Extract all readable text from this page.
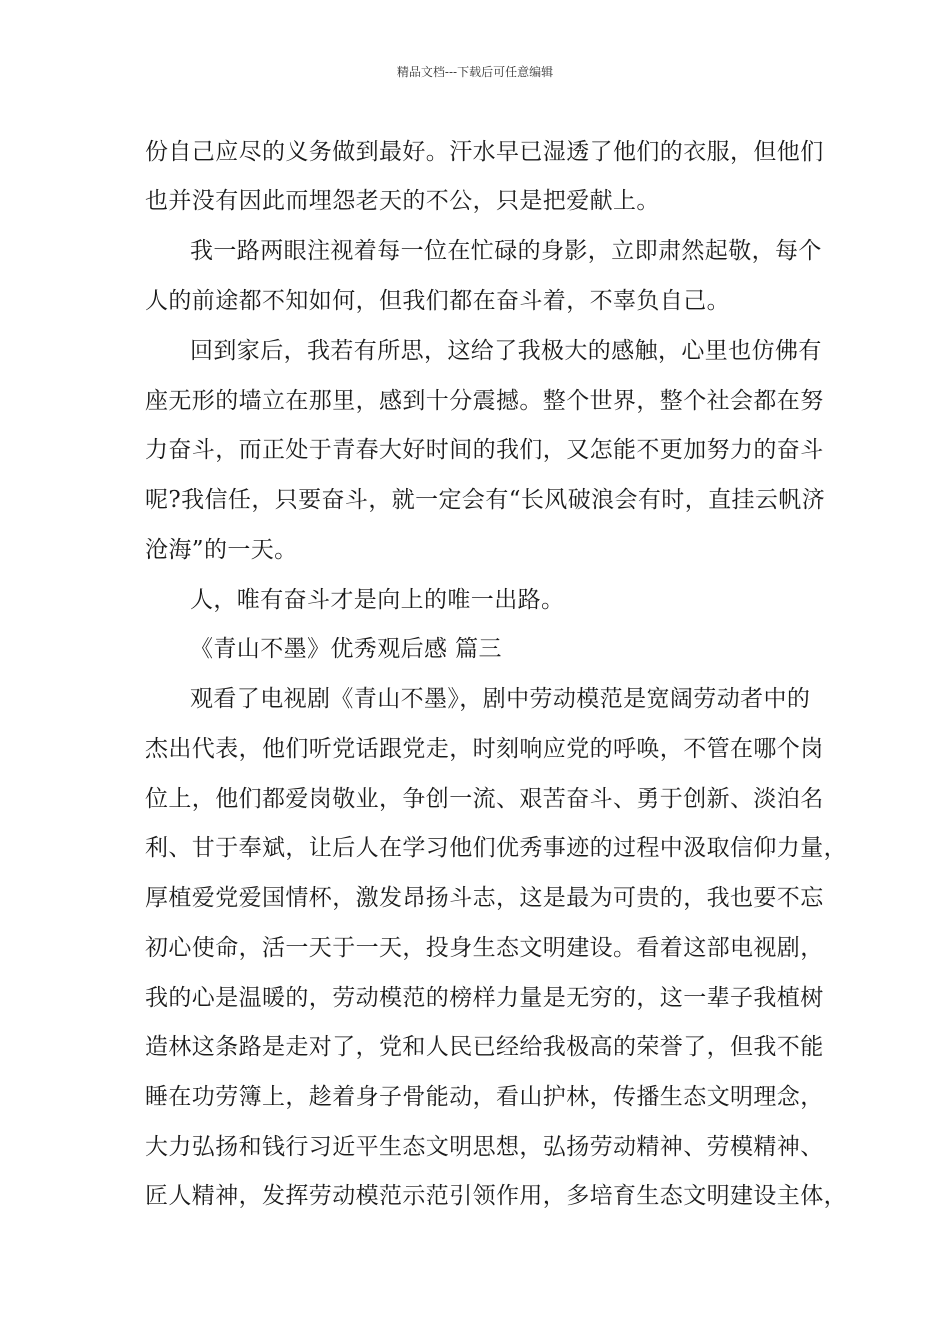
精品文档---下载后可任意编辑
份自己应尽的义务做到最好。汗水早已湿透了他们的衣服，但他们
也并没有因此而埋怨老天的不公，只是把爱献上。
我一路两眼注视着每一位在忙碌的身影，立即肃然起敬，每个
人的前途都不知如何，但我们都在奋斗着，不辜负自己。
回到家后，我若有所思，这给了我极大的感触，心里也仿佛有
座无形的墙立在那里，感到十分震撼。整个世界，整个社会都在努
力奋斗，而正处于青春大好时间的我们，又怎能不更加努力的奋斗
呢?我信任，只要奋斗，就一定会有“长风破浪会有时，直挂云帆济
沧海”的一天。
人，唯有奋斗才是向上的唯一出路。
《青山不墨》优秀观后感 篇三
观看了电视剧《青山不墨》，剧中劳动模范是宽阔劳动者中的
杰出代表，他们听党话跟党走，时刻响应党的呼唤，不管在哪个岗
位上，他们都爱岗敬业，争创一流、艰苦奋斗、勇于创新、淡泊名
利、甘于奉斌，让后人在学习他们优秀事迹的过程中汲取信仰力量，
厚植爱党爱国情杯，激发昂扬斗志，这是最为可贵的，我也要不忘
初心使命，活一天于一天，投身生态文明建设。看着这部电视剧，
我的心是温暖的，劳动模范的榜样力量是无穷的，这一辈子我植树
造林这条路是走对了，党和人民已经给我极高的荣誉了，但我不能
睡在功劳簿上，趁着身子骨能动，看山护林，传播生态文明理念，
大力弘扬和钱行习近平生态文明思想，弘扬劳动精神、劳模精神、
匠人精神，发挥劳动模范示范引领作用，多培育生态文明建设主体，
